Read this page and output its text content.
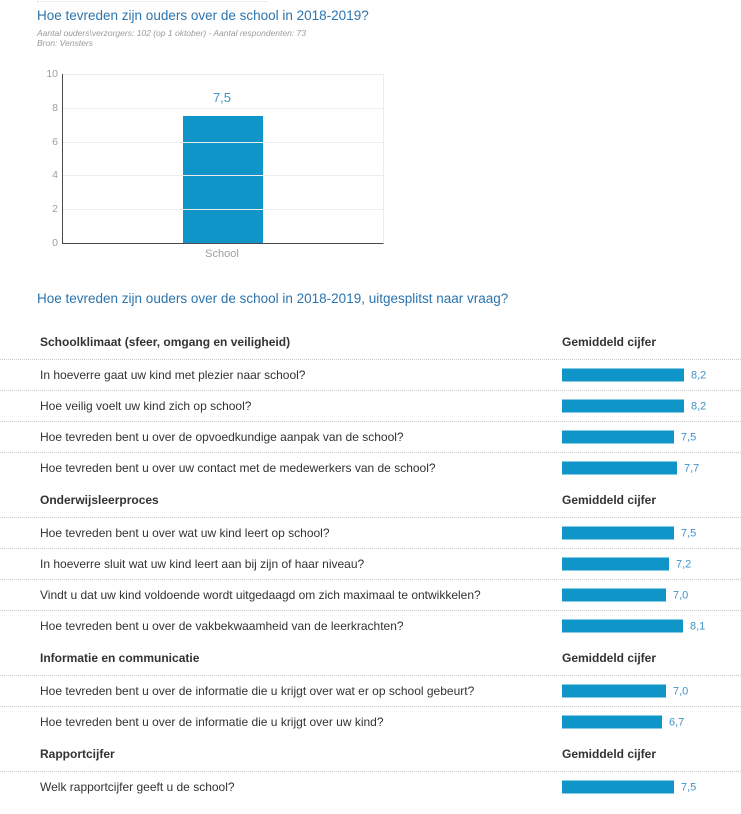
Hoe tevreden zijn ouders over de school in 2018-2019?
Aantal ouders\verzorgers: 102 (op 1 oktober) - Aantal respondenten: 73
Bron: Vensters
7,5
School
0
2
4
6
8
10
Hoe tevreden zijn ouders over de school in 2018-2019, uitgesplitst naar vraag?
Schoolklimaat (sfeer, omgang en veiligheid)	Gemiddeld cijfer
In hoeverre gaat uw kind met plezier naar school?	8,2
Hoe veilig voelt uw kind zich op school?	8,2
Hoe tevreden bent u over de opvoedkundige aanpak van de school?	7,5
Hoe tevreden bent u over uw contact met de medewerkers van de school?	7,7
Onderwijsleerproces	Gemiddeld cijfer
Hoe tevreden bent u over wat uw kind leert op school?	7,5
In hoeverre sluit wat uw kind leert aan bij zijn of haar niveau?	7,2
Vindt u dat uw kind voldoende wordt uitgedaagd om zich maximaal te ontwikkelen?	7,0
Hoe tevreden bent u over de vakbekwaamheid van de leerkrachten?	8,1
Informatie en communicatie	Gemiddeld cijfer
Hoe tevreden bent u over de informatie die u krijgt over wat er op school gebeurt?	7,0
Hoe tevreden bent u over de informatie die u krijgt over uw kind?	6,7
Rapportcijfer	Gemiddeld cijfer
Welk rapportcijfer geeft u de school?	7,5
